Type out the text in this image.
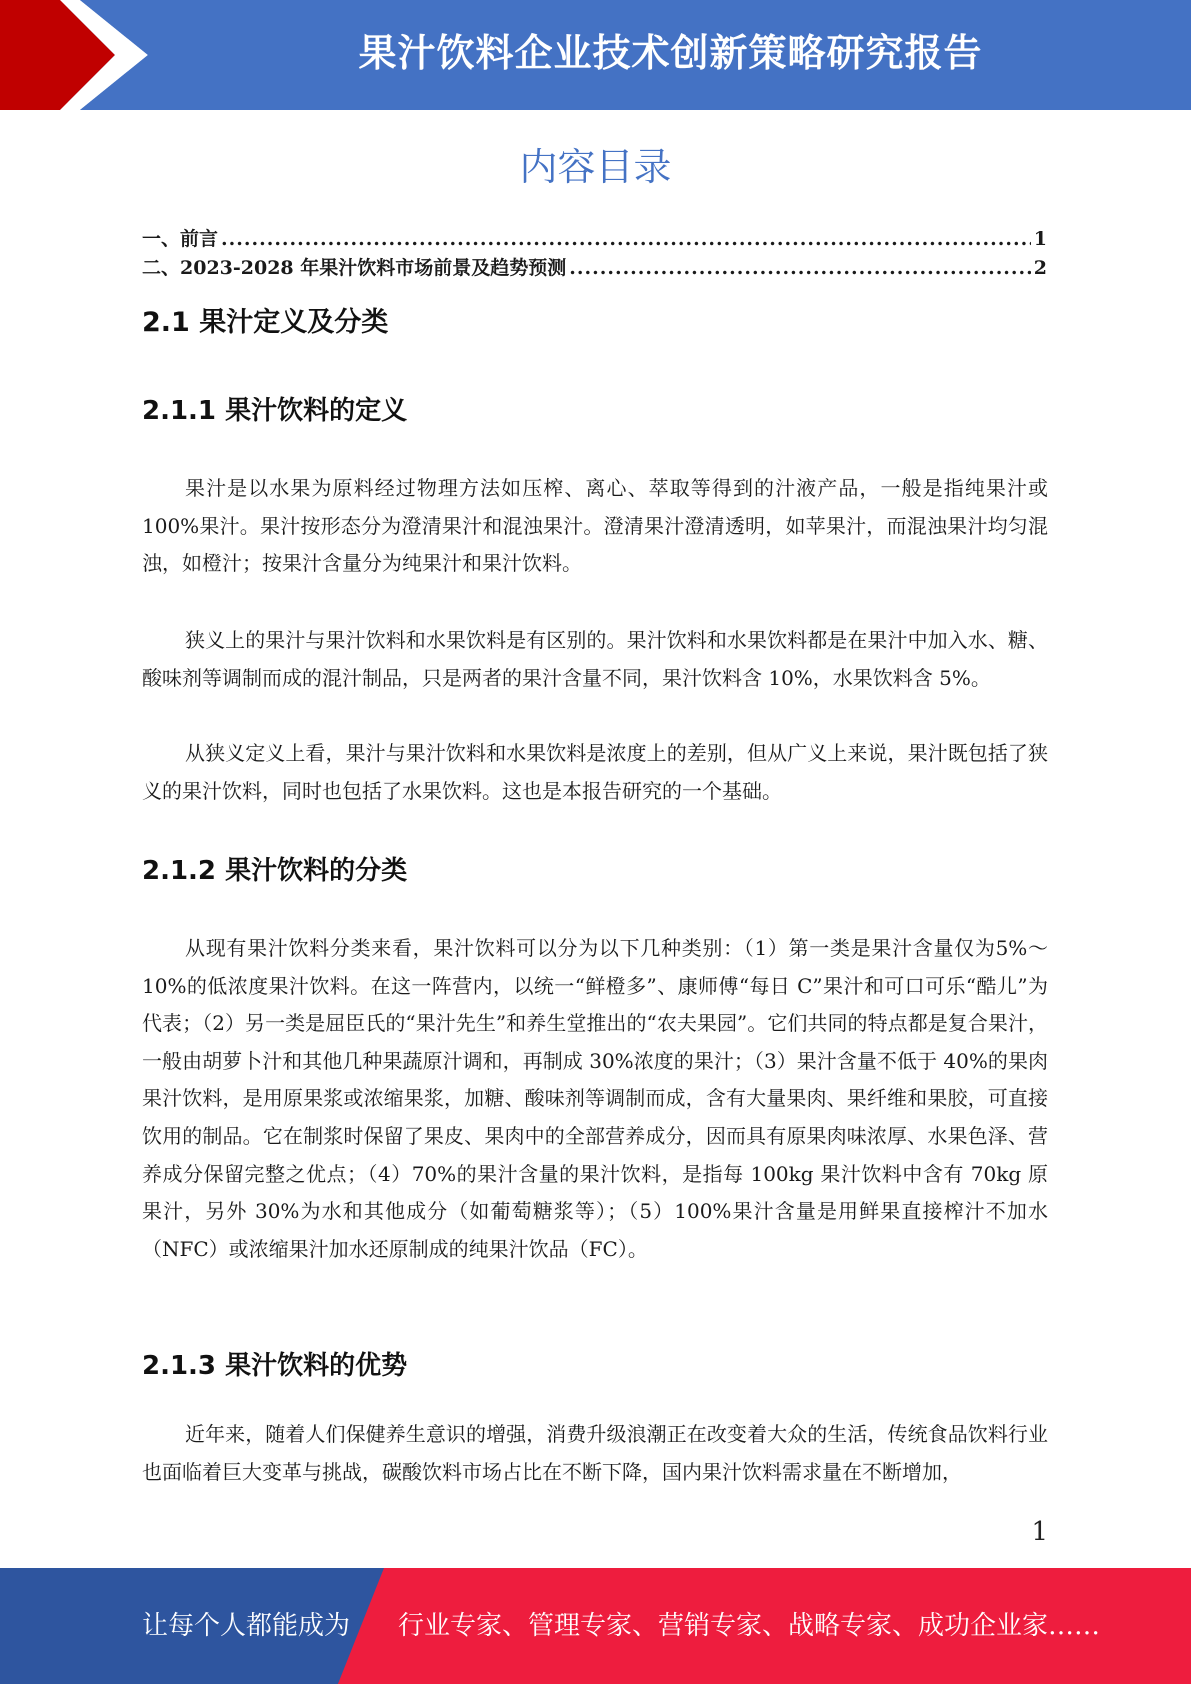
果汁饮料企业技术创新策略研究报告
内容目录
一、前言 .....	1
二、2023-2028 年果汁饮料市场前景及趋势预测 .....	2
2.1 果汁定义及分类
2.1.1 果汁饮料的定义

果汁是以水果为原料经过物理方法如压榨、离心、萃取等得到的汁液产品，一般是指纯果汁或100%果汁。果汁按形态分为澄清果汁和混浊果汁。澄清果汁澄清透明，如苹果汁，而混浊果汁均匀混浊，如橙汁；按果汁含量分为纯果汁和果汁饮料。

狭义上的果汁与果汁饮料和水果饮料是有区别的。果汁饮料和水果饮料都是在果汁中加入水、糖、酸味剂等调制而成的混汁制品，只是两者的果汁含量不同，果汁饮料含 10%，水果饮料含 5%。

从狭义定义上看，果汁与果汁饮料和水果饮料是浓度上的差别，但从广义上来说，果汁既包括了狭义的果汁饮料，同时也包括了水果饮料。这也是本报告研究的一个基础。

2.1.2 果汁饮料的分类

从现有果汁饮料分类来看，果汁饮料可以分为以下几种类别：（1）第一类是果汁含量仅为5%～10%的低浓度果汁饮料。在这一阵营内，以统一“鲜橙多”、康师傅“每日 C”果汁和可口可乐“酷儿”为代表；（2）另一类是屈臣氏的“果汁先生”和养生堂推出的“农夫果园”。它们共同的特点都是复合果汁，一般由胡萝卜汁和其他几种果蔬原汁调和，再制成 30%浓度的果汁；（3）果汁含量不低于 40%的果肉果汁饮料，是用原果浆或浓缩果浆，加糖、酸味剂等调制而成，含有大量果肉、果纤维和果胶，可直接饮用的制品。它在制浆时保留了果皮、果肉中的全部营养成分，因而具有原果肉味浓厚、水果色泽、营养成分保留完整之优点；（4）70%的果汁含量的果汁饮料，是指每 100kg 果汁饮料中含有 70kg 原果汁，另外 30%为水和其他成分（如葡萄糖浆等）；（5）100%果汁含量是用鲜果直接榨汁不加水（NFC）或浓缩果汁加水还原制成的纯果汁饮品（FC）。

2.1.3 果汁饮料的优势

近年来，随着人们保健养生意识的增强，消费升级浪潮正在改变着大众的生活，传统食品饮料行业也面临着巨大变革与挑战，碳酸饮料市场占比在不断下降，国内果汁饮料需求量在不断增加，

1
让每个人都能成为 行业专家、管理专家、营销专家、战略专家、成功企业家……
